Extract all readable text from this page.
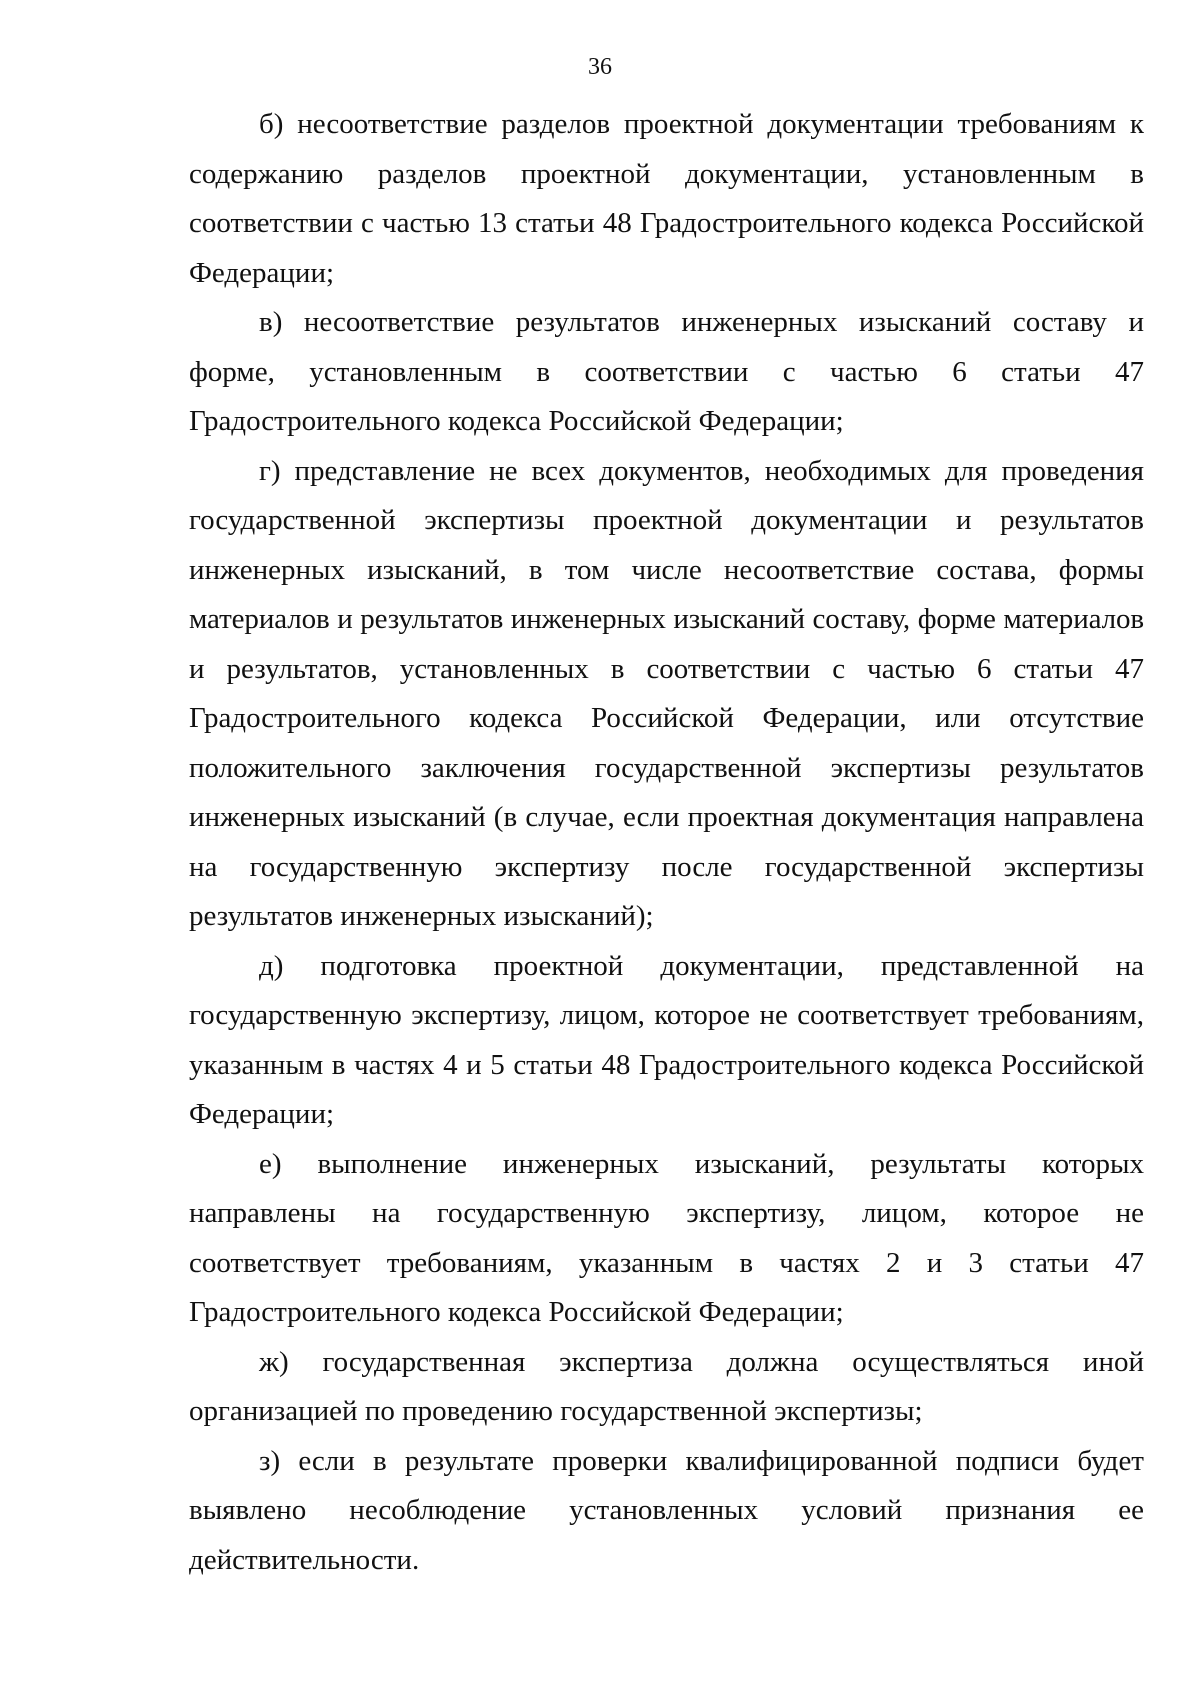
36

б) несоответствие разделов проектной документации требованиям к
содержанию разделов проектной документации, установленным в
соответствии с частью 13 статьи 48 Градостроительного кодекса Российской
Федерации;

в) несоответствие результатов инженерных изысканий составу и
форме, установленным в соответствии с частью 6 статьи 47
Градостроительного кодекса Российской Федерации;

г) представление не всех документов, необходимых для проведения
государственной экспертизы проектной документации и результатов
инженерных изысканий, в том числе несоответствие состава, формы
материалов и результатов инженерных изысканий составу, форме материалов
и результатов, установленных в соответствии с частью 6 статьи 47
Градостроительного кодекса Российской Федерации, или отсутствие
положительного заключения государственной экспертизы результатов
инженерных изысканий (в случае, если проектная документация направлена
на государственную экспертизу после государственной экспертизы
результатов инженерных изысканий);

д) подготовка проектной документации, представленной на
государственную экспертизу, лицом, которое не соответствует требованиям,
указанным в частях 4 и 5 статьи 48 Градостроительного кодекса Российской
Федерации;

е) выполнение инженерных изысканий, результаты которых
направлены на государственную экспертизу, лицом, которое не
соответствует требованиям, указанным в частях 2 и 3 статьи 47
Градостроительного кодекса Российской Федерации;

ж) государственная экспертиза должна осуществляться иной
организацией по проведению государственной экспертизы;

з) если в результате проверки квалифицированной подписи будет
выявлено несоблюдение установленных условий признания ее
действительности.
